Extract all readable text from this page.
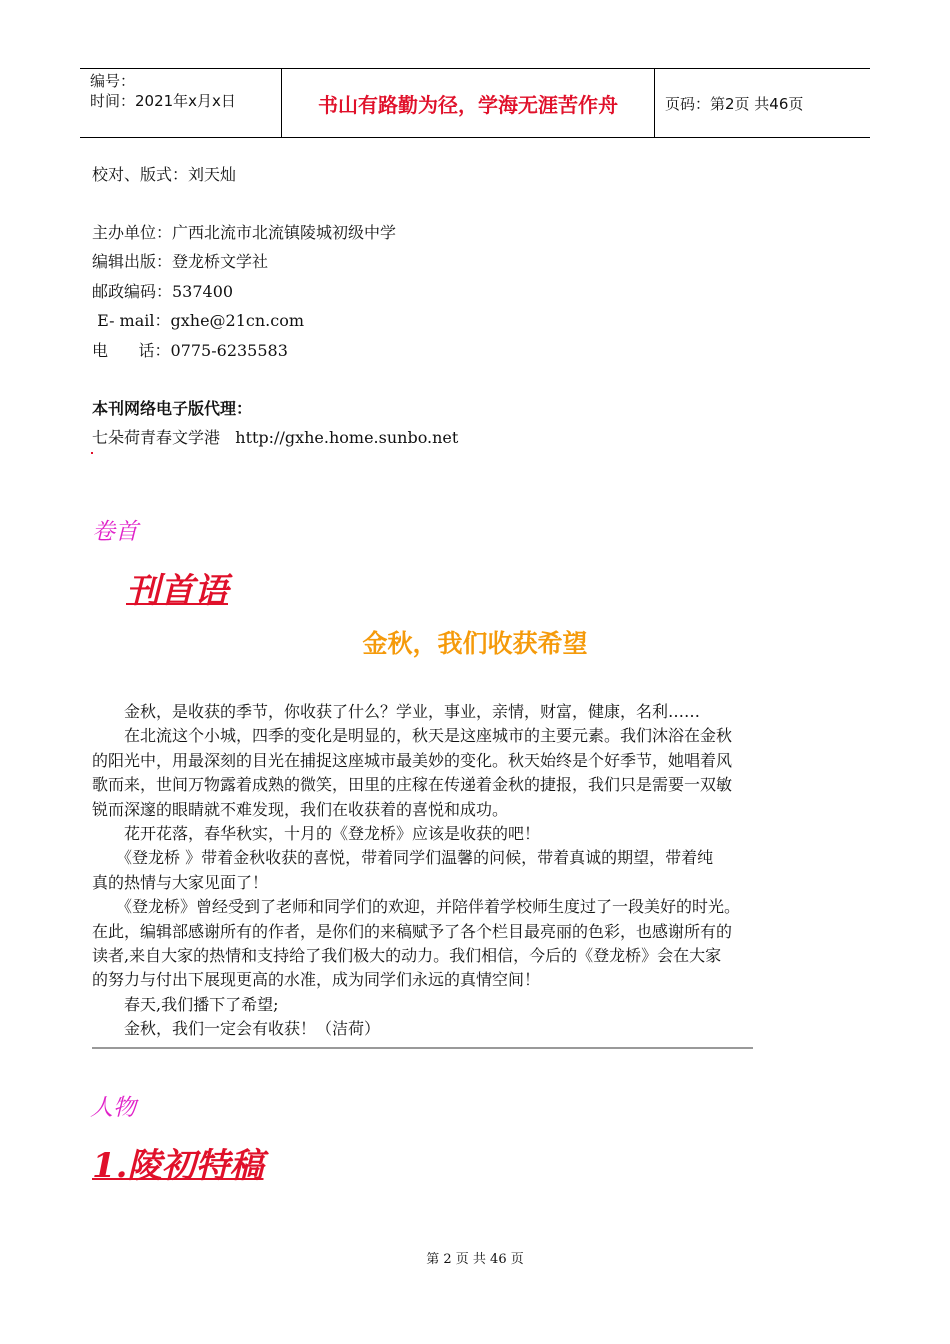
编号：
时间：2021年x月x日	书山有路勤为径，学海无涯苦作舟	页码：第2页 共46页
校对、版式：刘天灿
主办单位：广西北流市北流镇陵城初级中学
编辑出版：登龙桥文学社
邮政编码：537400
E- mail：gxhe@21cn.com
电      话：0775-6235583
本刊网络电子版代理：
七朵荷青春文学港   http://gxhe.home.sunbo.net
卷首
刊首语
金秋，我们收获希望

　　金秋，是收获的季节，你收获了什么？学业，事业，亲情，财富，健康，名利……

　　在北流这个小城，四季的变化是明显的，秋天是这座城市的主要元素。我们沐浴在金秋

的阳光中，用最深刻的目光在捕捉这座城市最美妙的变化。秋天始终是个好季节，她唱着风

歌而来，世间万物露着成熟的微笑，田里的庄稼在传递着金秋的捷报，我们只是需要一双敏

锐而深邃的眼睛就不难发现，我们在收获着的喜悦和成功。

　　花开花落，春华秋实，十月的《登龙桥》应该是收获的吧！

　　《登龙桥 》带着金秋收获的喜悦，带着同学们温馨的问候，带着真诚的期望，带着纯

真的热情与大家见面了！

　　《登龙桥》曾经受到了老师和同学们的欢迎，并陪伴着学校师生度过了一段美好的时光。

在此，编辑部感谢所有的作者，是你们的来稿赋予了各个栏目最亮丽的色彩，也感谢所有的

读者,来自大家的热情和支持给了我们极大的动力。我们相信，今后的《登龙桥》会在大家

的努力与付出下展现更高的水准，成为同学们永远的真情空间！

　　春天,我们播下了希望;

　　金秋，我们一定会有收获！（洁荷）

人物
1.陵初特稿
第 2 页 共 46 页
